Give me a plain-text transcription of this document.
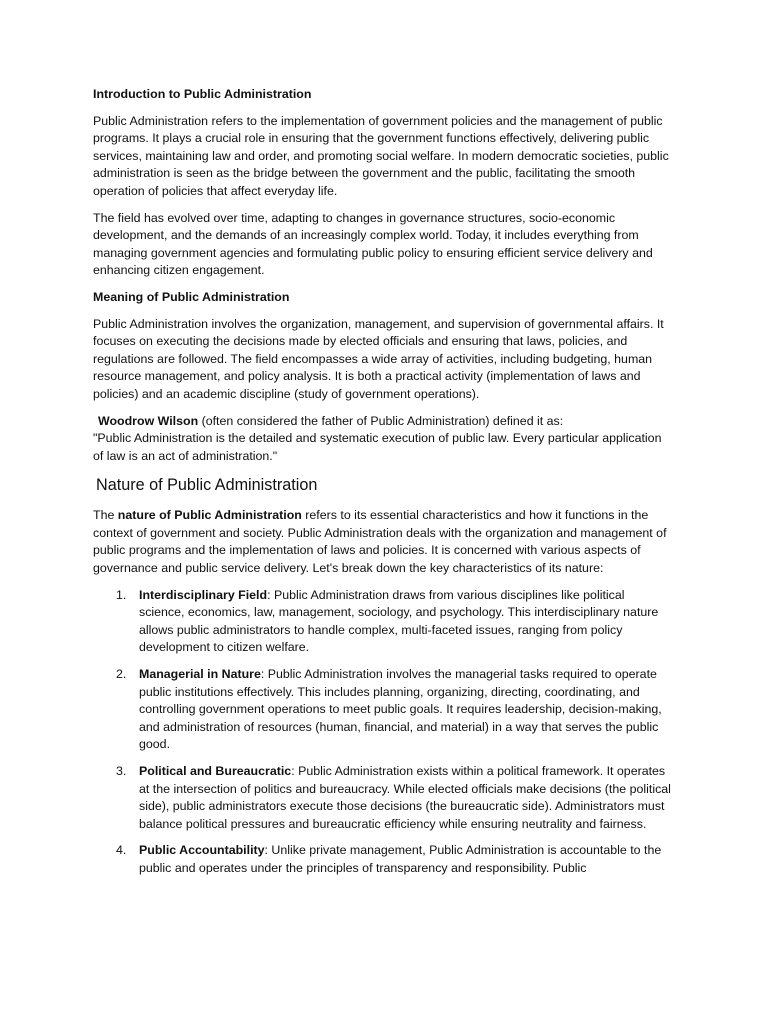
Introduction to Public Administration
Public Administration refers to the implementation of government policies and the management of public programs. It plays a crucial role in ensuring that the government functions effectively, delivering public services, maintaining law and order, and promoting social welfare. In modern democratic societies, public administration is seen as the bridge between the government and the public, facilitating the smooth operation of policies that affect everyday life.
The field has evolved over time, adapting to changes in governance structures, socio-economic development, and the demands of an increasingly complex world. Today, it includes everything from managing government agencies and formulating public policy to ensuring efficient service delivery and enhancing citizen engagement.
Meaning of Public Administration
Public Administration involves the organization, management, and supervision of governmental affairs. It focuses on executing the decisions made by elected officials and ensuring that laws, policies, and regulations are followed. The field encompasses a wide array of activities, including budgeting, human resource management, and policy analysis. It is both a practical activity (implementation of laws and policies) and an academic discipline (study of government operations).
Woodrow Wilson (often considered the father of Public Administration) defined it as:
"Public Administration is the detailed and systematic execution of public law. Every particular application of law is an act of administration."
Nature of Public Administration
The nature of Public Administration refers to its essential characteristics and how it functions in the context of government and society. Public Administration deals with the organization and management of public programs and the implementation of laws and policies. It is concerned with various aspects of governance and public service delivery. Let's break down the key characteristics of its nature:
1. Interdisciplinary Field: Public Administration draws from various disciplines like political science, economics, law, management, sociology, and psychology. This interdisciplinary nature allows public administrators to handle complex, multi-faceted issues, ranging from policy development to citizen welfare.
2. Managerial in Nature: Public Administration involves the managerial tasks required to operate public institutions effectively. This includes planning, organizing, directing, coordinating, and controlling government operations to meet public goals. It requires leadership, decision-making, and administration of resources (human, financial, and material) in a way that serves the public good.
3. Political and Bureaucratic: Public Administration exists within a political framework. It operates at the intersection of politics and bureaucracy. While elected officials make decisions (the political side), public administrators execute those decisions (the bureaucratic side). Administrators must balance political pressures and bureaucratic efficiency while ensuring neutrality and fairness.
4. Public Accountability: Unlike private management, Public Administration is accountable to the public and operates under the principles of transparency and responsibility. Public
